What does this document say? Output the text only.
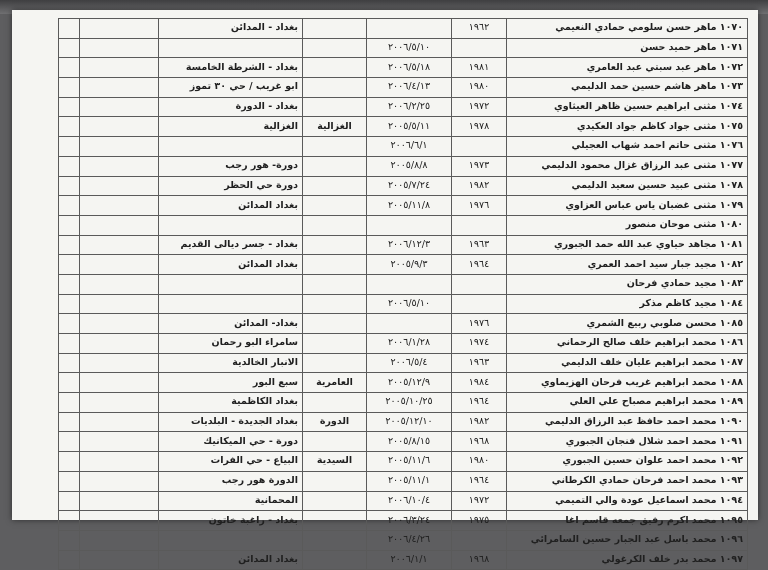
١٠٧٠ ماهر حسن سلومي حمادي النعيمي	١٩٦٢			بغداد - المدائن		
١٠٧١ ماهر حميد حسن		٢٠٠٦/٥/١٠				
١٠٧٢ ماهر عبد سبتي عبد العامري	١٩٨١	٢٠٠٦/٥/١٨		بغداد - الشرطة الخامسة		
١٠٧٣ ماهر هاشم حسين حمد الدليمي	١٩٨٠	٢٠٠٦/٤/١٣		ابو غريب / حي ٣٠ تموز		
١٠٧٤ مثنى ابراهيم حسين ظاهر العيثاوي	١٩٧٢	٢٠٠٦/٢/٢٥		بغداد - الدورة		
١٠٧٥ مثنى جواد كاظم جواد العكيدي	١٩٧٨	٢٠٠٥/٥/١١	الغزالية	الغزالية		
١٠٧٦ مثنى حاتم احمد شهاب العجيلي		٢٠٠٦/٦/١				
١٠٧٧ مثنى عبد الرزاق غزال محمود الدليمي	١٩٧٣	٢٠٠٥/٨/٨		دورة- هور رجب		
١٠٧٨ مثنى عبيد حسين سعيد الدليمي	١٩٨٢	٢٠٠٥/٧/٢٤		دورة حي الحظر		
١٠٧٩ مثنى غضبان ياس عباس العزاوي	١٩٧٦	٢٠٠٥/١١/٨		بغداد المدائن		
١٠٨٠ مثنى موحان منصور						
١٠٨١ مجاهد حياوي عبد الله حمد الجبوري	١٩٦٣	٢٠٠٦/١٢/٣		بغداد - جسر ديالى القديم		
١٠٨٢ مجيد جبار سيد احمد العمري	١٩٦٤	٢٠٠٥/٩/٣		بغداد المدائن		
١٠٨٣ مجيد حمادي فرحان						
١٠٨٤ مجيد كاظم مذكر		٢٠٠٦/٥/١٠				
١٠٨٥ محسن صلوبي ربيع الشمري	١٩٧٦			بغداد- المدائن		
١٠٨٦ محمد ابراهيم خلف صالح الرحماني	١٩٧٤	٢٠٠٦/١/٢٨		سامراء البو رحمان		
١٠٨٧ محمد ابراهيم عليان خلف الدليمي	١٩٦٣	٢٠٠٦/٥/٤		الانبار الخالدية		
١٠٨٨ محمد ابراهيم غريب فرحان الهزيماوي	١٩٨٤	٢٠٠٥/١٢/٩	العامرية	سبع البور		
١٠٨٩ محمد ابراهيم مصباح علي العلي	١٩٦٤	٢٠٠٥/١٠/٢٥		بغداد الكاظمية		
١٠٩٠ محمد احمد حافظ عبد الرزاق الدليمي	١٩٨٢	٢٠٠٥/١٢/١٠	الدورة	بغداد الجديدة - البلديات		
١٠٩١ محمد احمد شلال فنجان الجبوري	١٩٦٨	٢٠٠٥/٨/١٥		دورة - حي الميكانيك		
١٠٩٢ محمد احمد علوان حسين الجبوري	١٩٨٠	٢٠٠٥/١١/٦	السيدية	البياع - حي الفرات		
١٠٩٣ محمد احمد فرحان حمادي الكرطاني	١٩٦٤	٢٠٠٥/١١/١		الدورة هور رجب		
١٠٩٤ محمد اسماعيل عودة والي التميمي	١٩٧٢	٢٠٠٦/١٠/٤		المحمانية		
١٠٩٥ محمد اكرم رفيق جمعه قاسم اغا	١٩٧٥	٢٠٠٦/٣/٢٤		بغداد - راغبة خاتون		
١٠٩٦ محمد باسل عبد الجبار حسين السامرائي		٢٠٠٦/٤/٢٦				
١٠٩٧ محمد بدر خلف الكرغولي	١٩٦٨	٢٠٠٦/١/١		بغداد المدائن		
